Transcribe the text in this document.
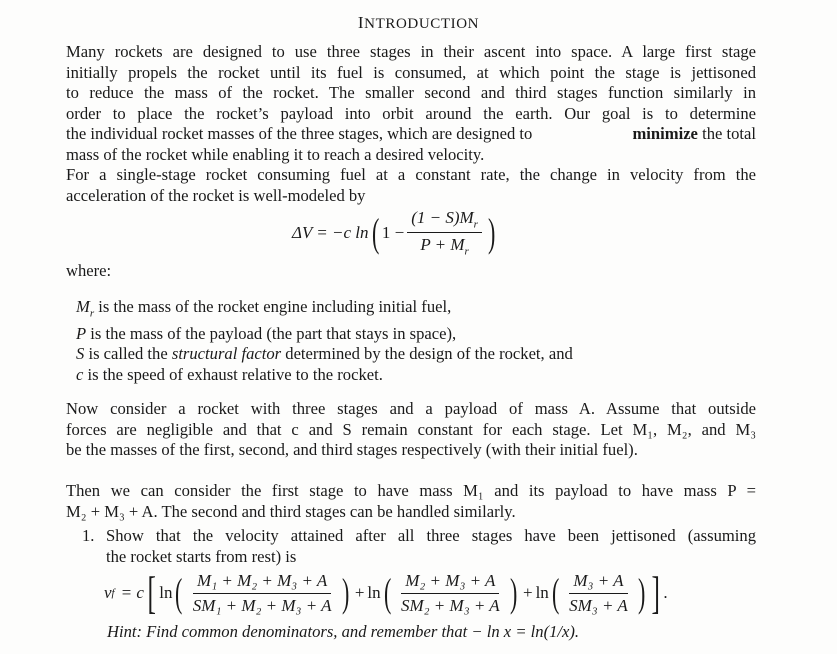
INTRODUCTION
Many rockets are designed to use three stages in their ascent into space. A large first stage
initially propels the rocket until its fuel is consumed, at which point the stage is jettisoned
to reduce the mass of the rocket. The smaller second and third stages function similarly in
order to place the rocket’s payload into orbit around the earth. Our goal is to determine
the individual rocket masses of the three stages, which are designed to	minimize the total
mass of the rocket while enabling it to reach a desired velocity.
For a single-stage rocket consuming fuel at a constant rate, the change in velocity from the
acceleration of the rocket is well-modeled by
ΔV = −c ln ( $1 - \frac{(1 - S)M_r}{P + M_r}$ )
where:
$M_r$ is the mass of the rocket engine including initial fuel,
P is the mass of the payload (the part that stays in space),
S is called the structural factor determined by the design of the rocket, and
c is the speed of exhaust relative to the rocket.
Now consider a rocket with three stages and a payload of mass A. Assume that outside
forces are negligible and that c and S remain constant for each stage. Let M₁, M₂, and M₃
be the masses of the first, second, and third stages respectively (with their initial fuel).
Then we can consider the first stage to have mass M₁ and its payload to have mass P =
M₂ + M₃ + A. The second and third stages can be handled similarly.
1. Show that the velocity attained after all three stages have been jettisoned (assuming
the rocket starts from rest) is
v f = c [ ln ( $\frac{\text{M₁ + M₂ + M₃ + A}}{\text{SM₁ + M₂ + M₃ + A}}$ ) + ln ( $\frac{\text{M₂ + M₃ + A}}{\text{SM₂ + M₃ + A}}$ ) + ln ( $\frac{\text{M₃ + A}}{\text{SM₃ + A}}$ ) ] .
Hint: Find common denominators, and remember that − ln x = ln(1/x).
